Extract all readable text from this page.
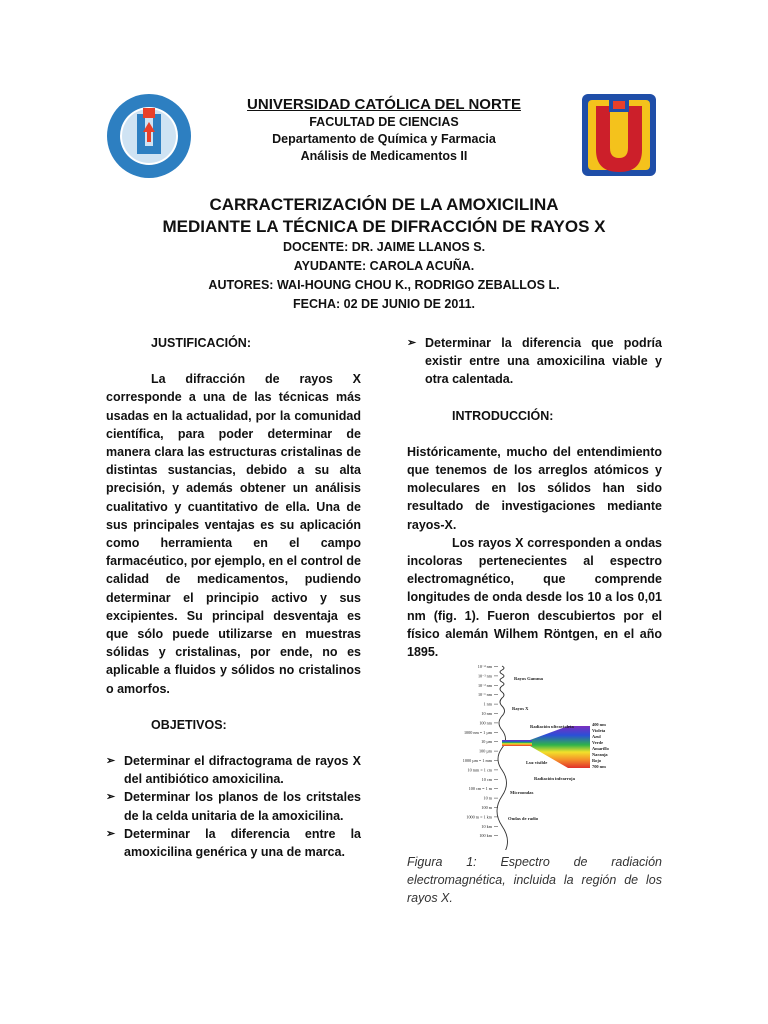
UNIVERSIDAD CATÓLICA DEL NORTE
FACULTAD DE CIENCIAS
Departamento de Química y Farmacia
Análisis de Medicamentos II
CARRACTERIZACIÓN DE LA AMOXICILINA
MEDIANTE LA TÉCNICA DE DIFRACCIÓN DE RAYOS X
DOCENTE: DR. JAIME LLANOS S.
AYUDANTE: CAROLA ACUÑA.
AUTORES: WAI-HOUNG CHOU K., RODRIGO ZEBALLOS L.
FECHA: 02 DE JUNIO DE 2011.
JUSTIFICACIÓN:

La difracción de rayos X corresponde a una de las técnicas más usadas en la actualidad, por la comunidad científica, para poder determinar de manera clara las estructuras cristalinas de distintas sustancias, debido a su alta precisión, y además obtener un análisis cualitativo y cuantitativo de ella. Una de sus principales ventajas es su aplicación como herramienta en el campo farmacéutico, por ejemplo, en el control de calidad de medicamentos, pudiendo determinar el principio activo y sus excipientes. Su principal desventaja es que sólo puede utilizarse en muestras sólidas y cristalinas, por ende, no es aplicable a fluidos y sólidos no cristalinos o amorfos.

OBJETIVOS:
➢ Determinar el difractograma de rayos X del antibiótico amoxicilina.
➢ Determinar los planos de los critstales de la celda unitaria de la amoxicilina.
➢ Determinar la diferencia entre la amoxicilina genérica y una de marca.
➢ Determinar la diferencia que podría existir entre una amoxicilina viable y otra calentada.
INTRODUCCIÓN:

Históricamente, mucho del entendimiento que tenemos de los arreglos atómicos y moleculares en los sólidos han sido resultado de investigaciones mediante rayos-X.

Los rayos X corresponden a ondas incoloras pertenecientes al espectro electromagnético, que comprende longitudes de onda desde los 10 a los 0,01 nm (fig. 1). Fueron descubiertos por el físico alemán Wilhem Röntgen, en el año 1895.

10⁻⁴ nm
10⁻³ nm
10⁻² nm
10⁻¹ nm
1 nm
10 nm
100 nm
1000 nm = 1 µm
10 µm
100 µm
1000 µm = 1 mm
10 mm = 1 cm
10 cm
100 cm = 1 m
10 m
100 m
1000 m = 1 km
10 km
100 km
Rayos Gamma
Rayos X
Radiación ultravioleta
Luz visible
Radiación infrarroja
Microondas
Ondas de radio
400 nm
Violeta
Azul
Verde
Amarillo
Naranja
Rojo
700 nm
Figura 1: Espectro de radiación electromagnética, incluida la región de los rayos X.
